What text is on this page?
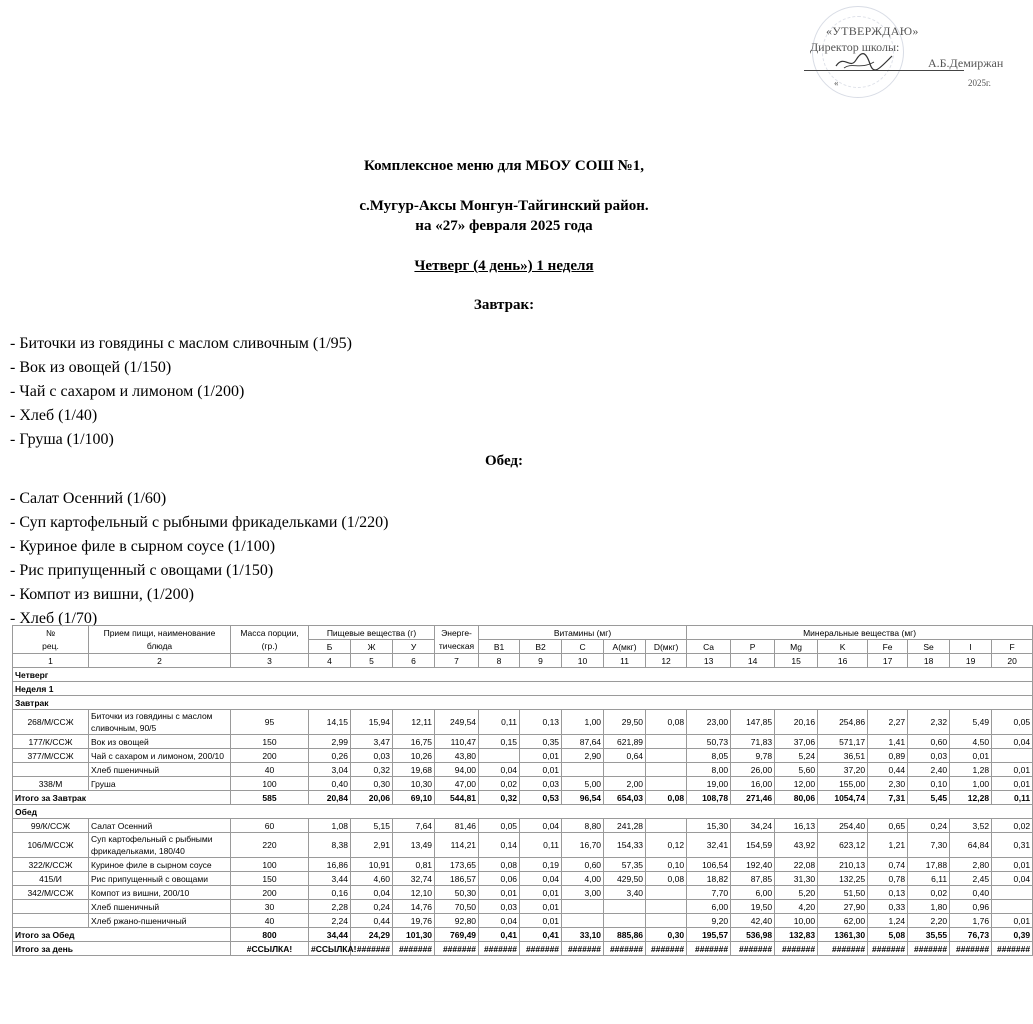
«УТВЕРЖДАЮ»
Директор школы:
А.Б.Демиржан
«	2025г.
Комплексное меню для МБОУ СОШ №1,
с.Мугур-Аксы Монгун-Тайгинский район.
на «27» февраля 2025 года
Четверг (4 день») 1 неделя
Завтрак:
- Биточки из говядины с маслом сливочным (1/95)
- Вок из овощей (1/150)
- Чай с сахаром и лимоном (1/200)
- Хлеб (1/40)
- Груша (1/100)
Обед:
- Салат Осенний (1/60)
- Суп картофельный с рыбными фрикадельками (1/220)
- Куриное филе в сырном соусе (1/100)
- Рис припущенный с овощами (1/150)
- Компот из вишни, (1/200)
- Хлеб (1/70)
№	Прием пищи, наименование	Масса порции,	Пищевые вещества (г)			Энерге-	Витамины (мг)					Минеральные вещества (мг)							
рец.	блюда	(гр.)	Б	Ж	У	тическая	B1	B2	C	A(мкг)	D(мкг)	Ca	P	Mg	K	Fe	Se	I	F
1	2	3	4	5	6	7	8	9	10	11	12	13	14	15	16	17	18	19	20
Четверг																			
Неделя 1																			
Завтрак																			
268/М/ССЖ	Биточки из говядины с маслом сливочным, 90/5	95	14,15	15,94	12,11	249,54	0,11	0,13	1,00	29,50	0,08	23,00	147,85	20,16	254,86	2,27	2,32	5,49	0,05
177/К/ССЖ	Вок из овощей	150	2,99	3,47	16,75	110,47	0,15	0,35	87,64	621,89		50,73	71,83	37,06	571,17	1,41	0,60	4,50	0,04
377/М/ССЖ	Чай с сахаром и лимоном, 200/10	200	0,26	0,03	10,26	43,80		0,01	2,90	0,64		8,05	9,78	5,24	36,51	0,89	0,03	0,01	
	Хлеб пшеничный	40	3,04	0,32	19,68	94,00	0,04	0,01				8,00	26,00	5,60	37,20	0,44	2,40	1,28	0,01
338/М	Груша	100	0,40	0,30	10,30	47,00	0,02	0,03	5,00	2,00		19,00	16,00	12,00	155,00	2,30	0,10	1,00	0,01
Итого за Завтрак		585	20,84	20,06	69,10	544,81	0,32	0,53	96,54	654,03	0,08	108,78	271,46	80,06	1054,74	7,31	5,45	12,28	0,11
Обед																			
99/К/ССЖ	Салат Осенний	60	1,08	5,15	7,64	81,46	0,05	0,04	8,80	241,28		15,30	34,24	16,13	254,40	0,65	0,24	3,52	0,02
106/М/ССЖ	Суп картофельный с рыбными фрикадельками, 180/40	220	8,38	2,91	13,49	114,21	0,14	0,11	16,70	154,33	0,12	32,41	154,59	43,92	623,12	1,21	7,30	64,84	0,31
322/К/ССЖ	Куриное филе в сырном соусе	100	16,86	10,91	0,81	173,65	0,08	0,19	0,60	57,35	0,10	106,54	192,40	22,08	210,13	0,74	17,88	2,80	0,01
415/И	Рис припущенный с овощами	150	3,44	4,60	32,74	186,57	0,06	0,04	4,00	429,50	0,08	18,82	87,85	31,30	132,25	0,78	6,11	2,45	0,04
342/М/ССЖ	Компот из вишни, 200/10	200	0,16	0,04	12,10	50,30	0,01	0,01	3,00	3,40		7,70	6,00	5,20	51,50	0,13	0,02	0,40	
	Хлеб пшеничный	30	2,28	0,24	14,76	70,50	0,03	0,01				6,00	19,50	4,20	27,90	0,33	1,80	0,96	
	Хлеб ржано-пшеничный	40	2,24	0,44	19,76	92,80	0,04	0,01				9,20	42,40	10,00	62,00	1,24	2,20	1,76	0,01
Итого за Обед		800	34,44	24,29	101,30	769,49	0,41	0,41	33,10	885,86	0,30	195,57	536,98	132,83	1361,30	5,08	35,55	76,73	0,39
Итого за день		#ССЫЛКА!	#ССЫЛКА!	#######	#######	#######	#######	#######	#######	#######	#######	#######	#######	#######	#######	#######	#######	#######	#######
